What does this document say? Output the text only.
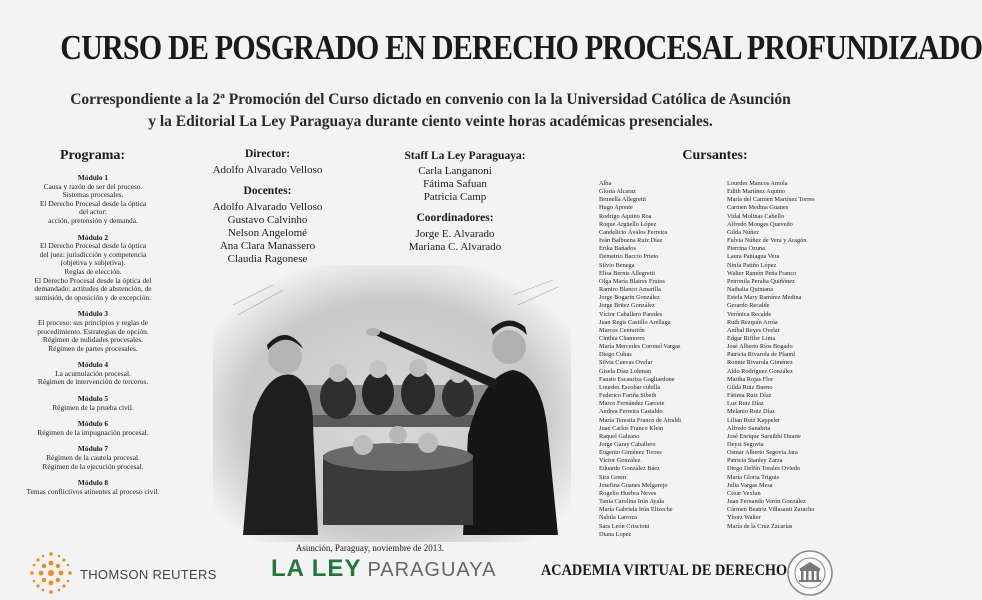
CURSO DE POSGRADO EN DERECHO PROCESAL PROFUNDIZADO
Correspondiente a la 2ª Promoción del Curso dictado en convenio con la la Universidad Católica de Asunción
y la Editorial La Ley Paraguaya durante ciento veinte horas académicas presenciales.
Programa:
Módulo 1
Causa y razón de ser del proceso.
Sistemas procesales.
El Derecho Procesal desde la óptica
del actor:
acción, pretensión y demanda.
Módulo 2
El Derecho Procesal desde la óptica
del juez: jurisdicción y competencia
(objetiva y subjetiva).
Reglas de elección.
El Derecho Procesal desde la óptica del
demandado: actitudes de abstención, de
sumisión, de oposición y de excepción.
Módulo 3
El proceso: sus principios y reglas de
procedimiento. Estrategias de opción.
Régimen de nulidades procesales.
Régimen de partes procesales.
Módulo 4
La acumulación procesal.
Régimen de intervención de terceros.
Módulo 5
Régimen de la prueba civil.
Módulo 6
Régimen de la impugnación procesal.
Módulo 7
Régimen de la cautela procesal.
Régimen de la ejecución procesal.
Módulo 8
Temas conflictivos atinentes al proceso civil.
Director:
Adolfo Alvarado Velloso
Docentes:
Adolfo Alvarado Velloso
Gustavo Calvinho
Nelson Angelomé
Ana Clara Manassero
Claudia Ragonese
Staff La Ley Paraguaya:
Carla Langanoni
Fátima Safuan
Patricia Camp
Coordinadores:
Jorge E. Alvarado
Mariana C. Alvarado
Cursantes:
Alba
Gloria Alcaraz
Brunella Allegretti
Hugo Aponte
Rodrigo Aquino Roa
Roque Argüello López
Candelicio Ávalos Ferreira
Iván Balbuena Ruiz Díaz
Erika Bañados
Demetrio Baccio Prieto
Silvio Benega
Elisa Bernis Allegretti
Olga María Blaires Frutos
Ramiro Blanco Amarilla
Jorge Bogarín González
Jorge Britez González
Víctor Caballero Paredes
Juan Regis Castillo Arellaga
Marcos Centurión
Cinthia Chamorro
María Mercedes Coronel Vargas
Diego Cubas
Silvia Cuevas Ovelar
Gisela Díaz Lohman
Fausto Escauriza Gagliardone
Lourdes Escobar cubilla
Federico Fariña Sibeth
Marco Fernández Garcete
Andrea Ferreira Castaldo
María Teresita Franco de Airaldi
Juan Carlos Franco Klein
Raquel Galeano
Jorge Garay Caballero
Eugenio Giménez Torres
Víctor González
Eduardo González Báez
Sira Green
Josefina Guanes Melgarejo
Rogelio Huebra Neves
Tania Carolina Irún Ayala
María Gabriela Irún Elizeche
Nabila Larroza
Sara León Criscioni
Diana Lopez
Lourdes Mancos Amola
Edith Martínez Aquino
María del Carmen Martínez Torres
Carmen Medina Guanes
Vidal Molinas Cabello
Alfredo Monges Quevedo
Gilda Núñez
Fulvia Núñez de Vera y Aragón
Pierrina Ozuna
Laura Paniagua Vera
Nínfa Patiño López
Walter Ramón Peña Franco
Petronila Peralta Quiñónez
Nathalia Quintana
Estela Mary Ramírez Medina
Gerardo Recalde
Verónica Recalde
Ruth Rezquín Arrúa
Aníbal Reyes Ovelar
Edgar Riffler Lima
José Alberto Ríos Bogado
Patricia Rivarola de Pfannl
Ronnie Rivarola Giménez
Aldo Rodríguez González
Martha Rojas Flor
Gilda Ruiz Bueno
Fátima Ruiz Díaz
Luz Ruiz Díaz
Melanio Ruiz Díaz
Lilian Ruiz Kappeler
Alfredo Sanabria
José Enrique Saruibbi Duarte
Deysi Segovia
Osmar Alberto Segovia Jara
Patricia Stanley Zarza
Diego Delfín Torales Oviedo
María Gloria Triguis
Julia Vargas Mesa
César Vexlun
Juan Fernando Verón González
Cármen Beatriz Villasanti Zaracho
Yborz Walter
María de la Cruz Zacarías
Asunción, Paraguay, noviembre de 2013.
THOMSON REUTERS LA LEY PARAGUAYA	ACADEMIA VIRTUAL DE DERECHO
